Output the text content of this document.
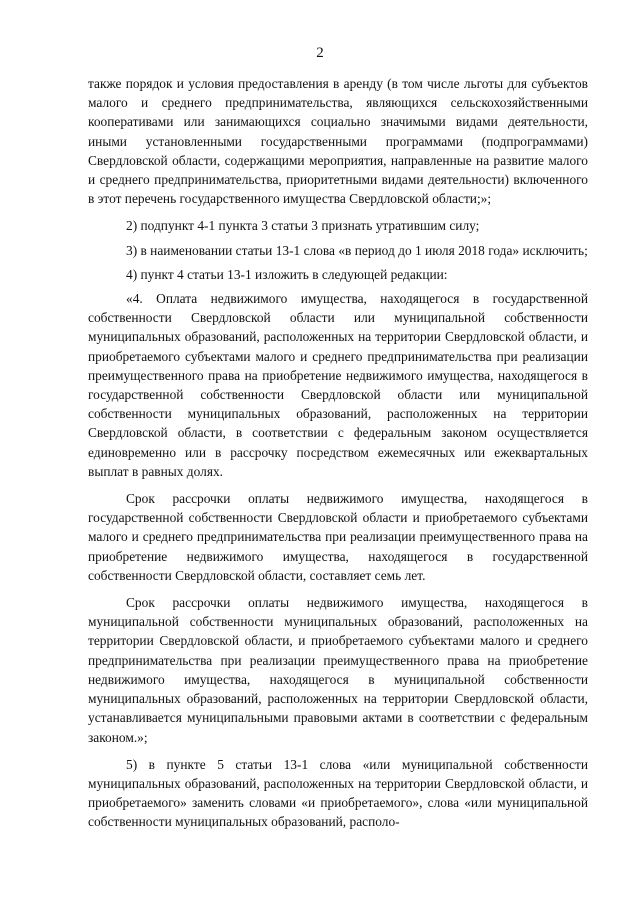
2

также порядок и условия предоставления в аренду (в том числе льготы для субъектов малого и среднего предпринимательства, являющихся сельскохозяйственными кооперативами или занимающихся социально значимыми видами деятельности, иными установленными государственными программами (подпрограммами) Свердловской области, содержащими мероприятия, направленные на развитие малого и среднего предпринимательства, приоритетными видами деятельности) включенного в этот перечень государственного имущества Свердловской области;»;

2) подпункт 4-1 пункта 3 статьи 3 признать утратившим силу;

3) в наименовании статьи 13-1 слова «в период до 1 июля 2018 года» исключить;

4) пункт 4 статьи 13-1 изложить в следующей редакции:

«4. Оплата недвижимого имущества, находящегося в государственной собственности Свердловской области или муниципальной собственности муниципальных образований, расположенных на территории Свердловской области, и приобретаемого субъектами малого и среднего предпринимательства при реализации преимущественного права на приобретение недвижимого имущества, находящегося в государственной собственности Свердловской области или муниципальной собственности муниципальных образований, расположенных на территории Свердловской области, в соответствии с федеральным законом осуществляется единовременно или в рассрочку посредством ежемесячных или ежеквартальных выплат в равных долях.

Срок рассрочки оплаты недвижимого имущества, находящегося в государственной собственности Свердловской области и приобретаемого субъектами малого и среднего предпринимательства при реализации преимущественного права на приобретение недвижимого имущества, находящегося в государственной собственности Свердловской области, составляет семь лет.

Срок рассрочки оплаты недвижимого имущества, находящегося в муниципальной собственности муниципальных образований, расположенных на территории Свердловской области, и приобретаемого субъектами малого и среднего предпринимательства при реализации преимущественного права на приобретение недвижимого имущества, находящегося в муниципальной собственности муниципальных образований, расположенных на территории Свердловской области, устанавливается муниципальными правовыми актами в соответствии с федеральным законом.»;

5) в пункте 5 статьи 13-1 слова «или муниципальной собственности муниципальных образований, расположенных на территории Свердловской области, и приобретаемого» заменить словами «и приобретаемого», слова «или муниципальной собственности муниципальных образований, располо-
